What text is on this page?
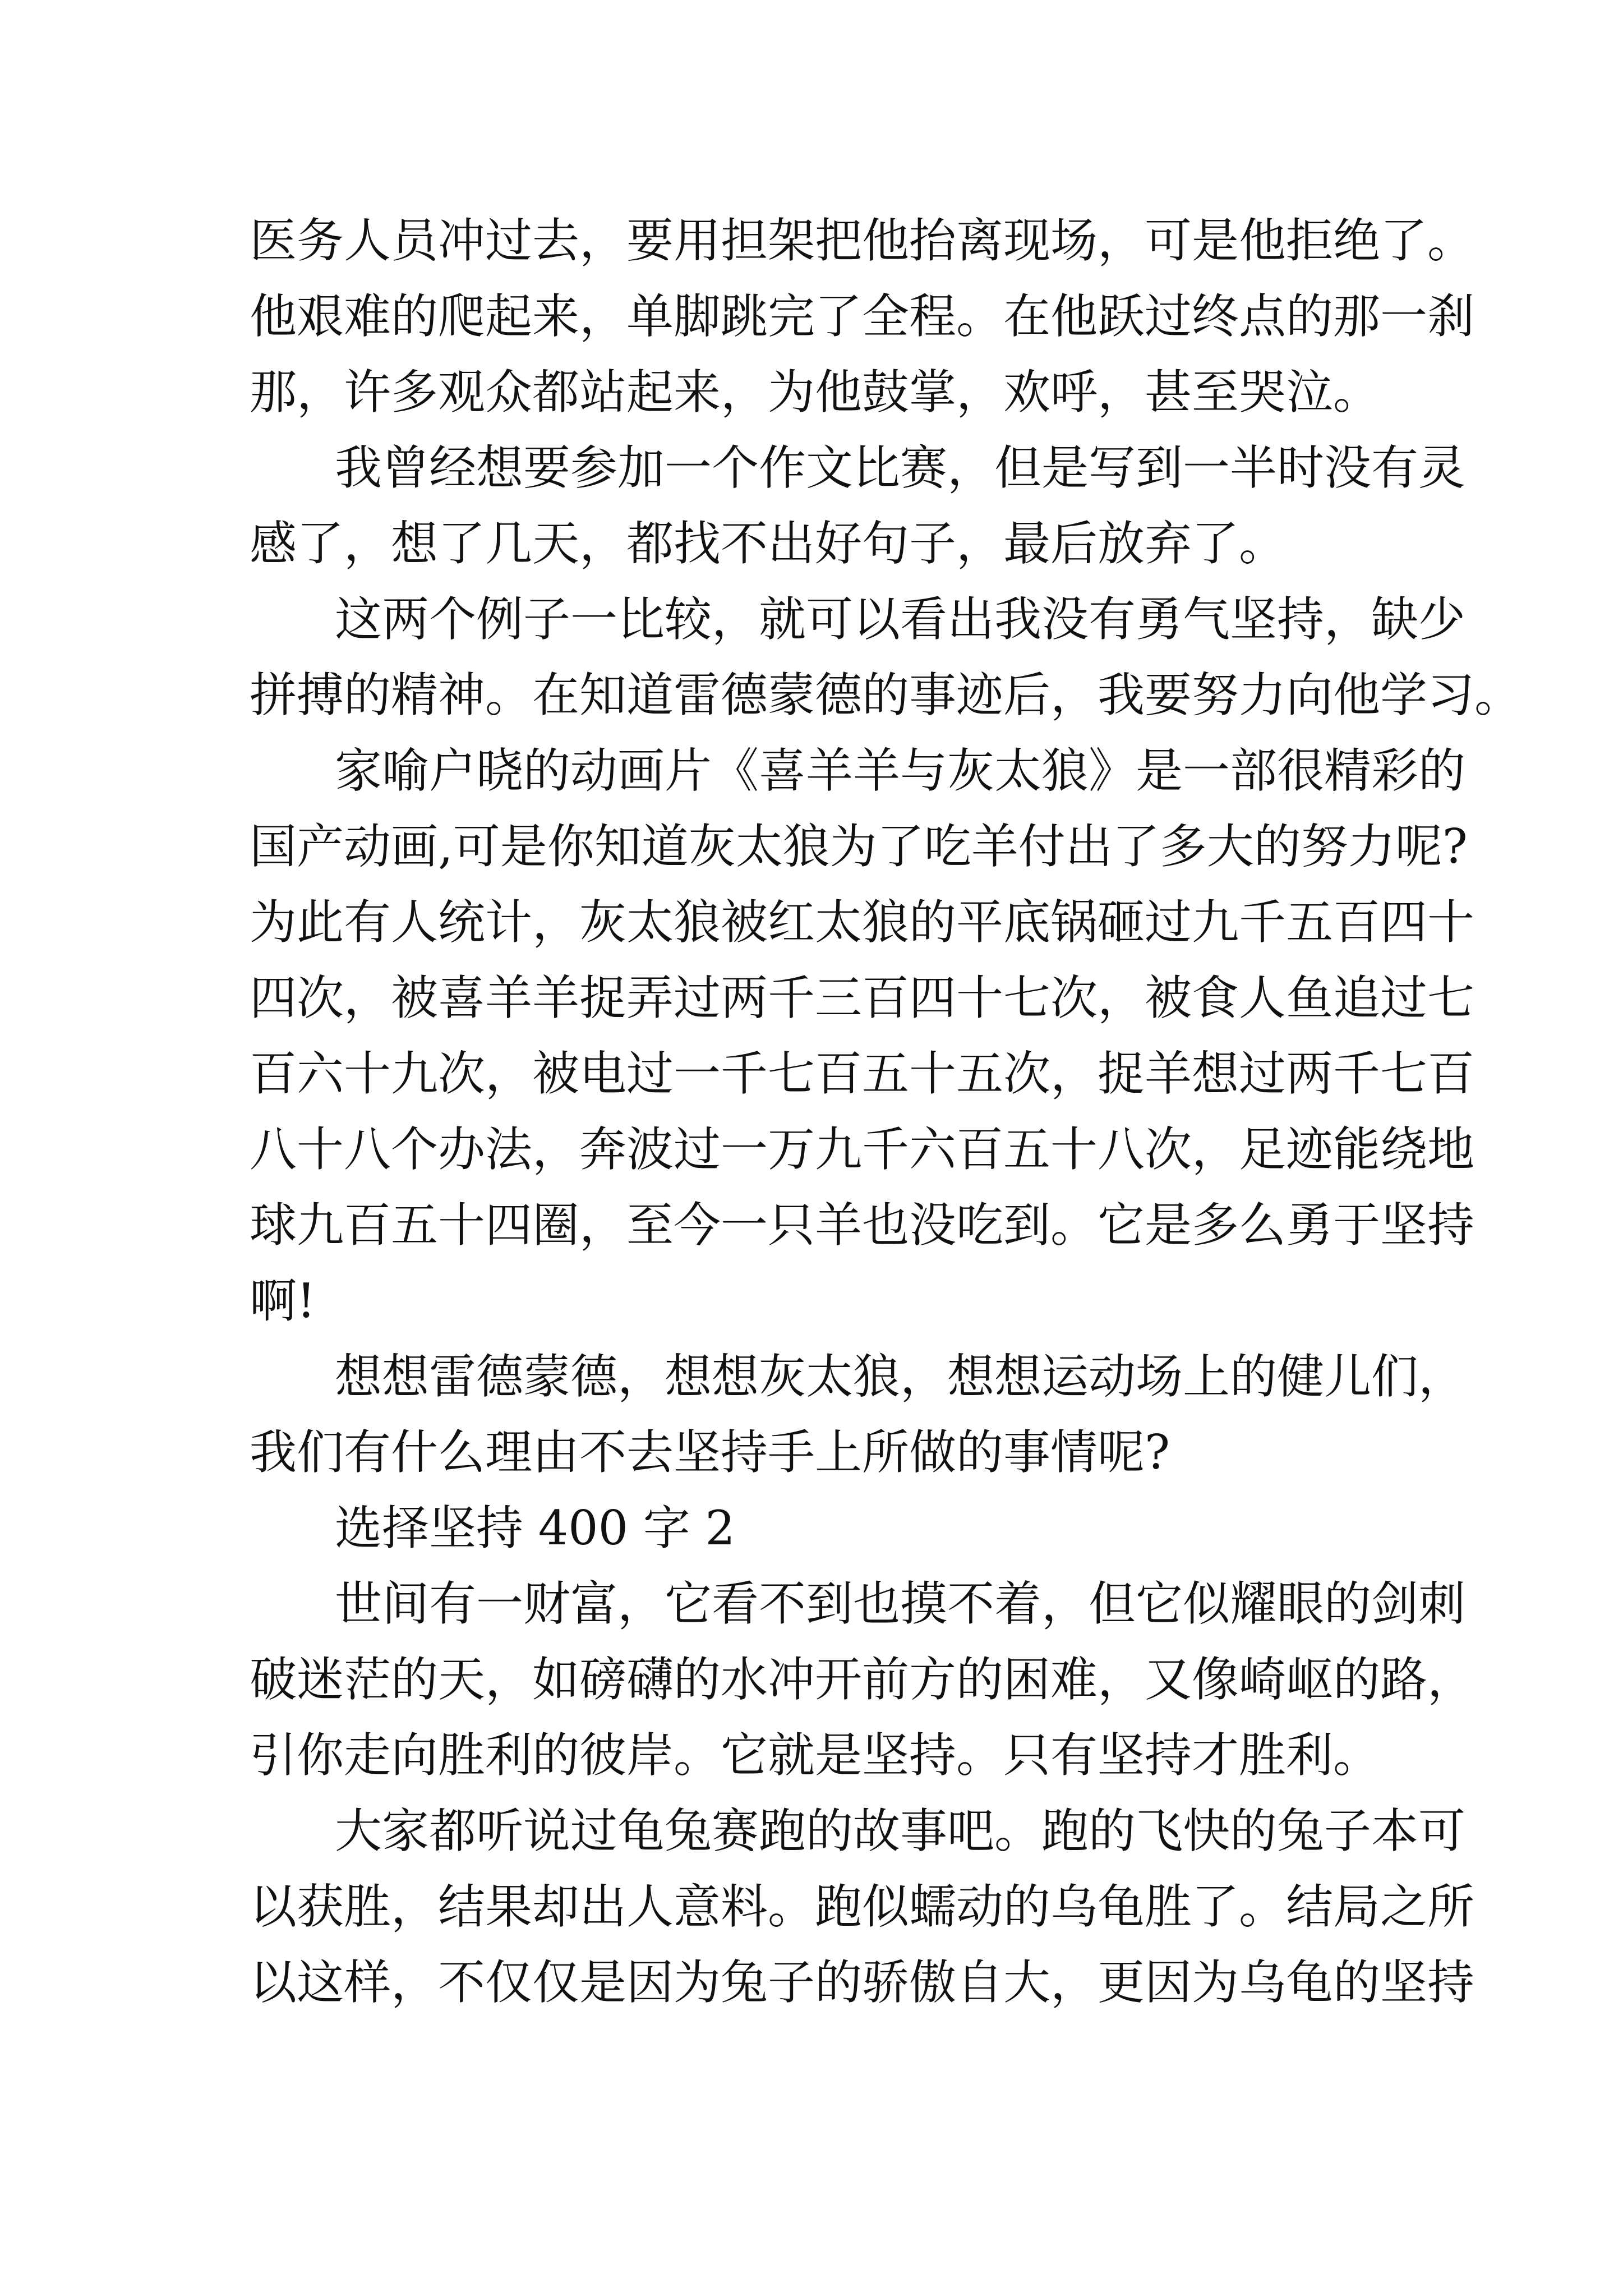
医务人员冲过去，要用担架把他抬离现场，可是他拒绝了。
他艰难的爬起来，单脚跳完了全程。在他跃过终点的那一刹
那，许多观众都站起来，为他鼓掌，欢呼，甚至哭泣。
我曾经想要参加一个作文比赛，但是写到一半时没有灵
感了，想了几天，都找不出好句子，最后放弃了。
这两个例子一比较，就可以看出我没有勇气坚持，缺少
拼搏的精神。在知道雷德蒙德的事迹后，我要努力向他学习。
家喻户晓的动画片《喜羊羊与灰太狼》是一部很精彩的
国产动画,可是你知道灰太狼为了吃羊付出了多大的努力呢?
为此有人统计，灰太狼被红太狼的平底锅砸过九千五百四十
四次，被喜羊羊捉弄过两千三百四十七次，被食人鱼追过七
百六十九次，被电过一千七百五十五次，捉羊想过两千七百
八十八个办法，奔波过一万九千六百五十八次，足迹能绕地
球九百五十四圈，至今一只羊也没吃到。它是多么勇于坚持
啊!
想想雷德蒙德，想想灰太狼，想想运动场上的健儿们，
我们有什么理由不去坚持手上所做的事情呢?
选择坚持 400 字 2
世间有一财富，它看不到也摸不着，但它似耀眼的剑刺
破迷茫的天，如磅礴的水冲开前方的困难，又像崎岖的路，
引你走向胜利的彼岸。它就是坚持。只有坚持才胜利。
大家都听说过龟兔赛跑的故事吧。跑的飞快的兔子本可
以获胜，结果却出人意料。跑似蠕动的乌龟胜了。结局之所
以这样，不仅仅是因为兔子的骄傲自大，更因为乌龟的坚持
